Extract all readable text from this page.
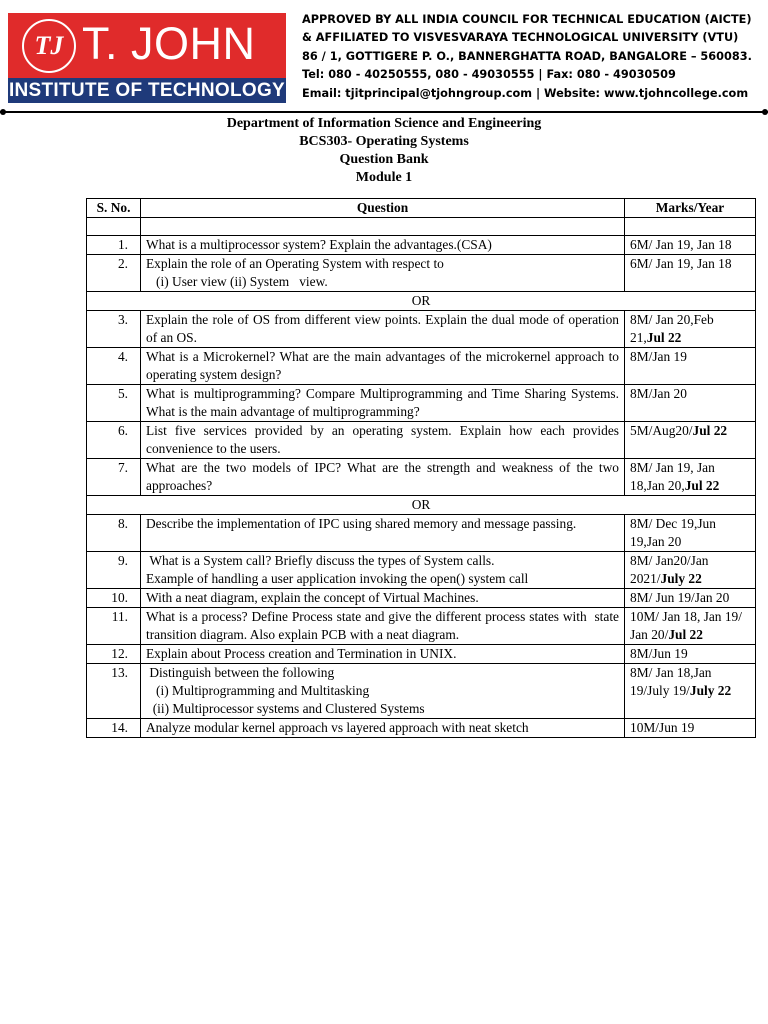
TJ T. JOHN
INSTITUTE OF TECHNOLOGY
APPROVED BY ALL INDIA COUNCIL FOR TECHNICAL EDUCATION (AICTE)
& AFFILIATED TO VISVESVARAYA TECHNOLOGICAL UNIVERSITY (VTU)
86 / 1, GOTTIGERE P. O., BANNERGHATTA ROAD, BANGALORE – 560083.
Tel: 080 - 40250555, 080 - 49030555 | Fax: 080 - 49030509
Email: tjitprincipal@tjohngroup.com | Website: www.tjohncollege.com
Department of Information Science and Engineering
BCS303- Operating Systems
Question Bank
Module 1
S. No.	Question	Marks/Year

1.	What is a multiprocessor system? Explain the advantages.(CSA)	6M/ Jan 19, Jan 18
2.	Explain the role of an Operating System with respect to
(i) User view (ii) System   view.	6M/ Jan 19, Jan 18
OR		
3.	Explain the role of OS from different view points. Explain the dual mode of operation of an OS.	8M/ Jan 20,Feb 21,Jul 22
4.	What is a Microkernel? What are the main advantages of the microkernel approach to operating system design?	8M/Jan 19
5.	What is multiprogramming? Compare Multiprogramming and Time Sharing Systems. What is the main advantage of multiprogramming?	8M/Jan 20
6.	List five services provided by an operating system. Explain how each provides convenience to the users.	5M/Aug20/Jul 22
7.	What are the two models of IPC? What are the strength and weakness of the two approaches?	8M/ Jan 19, Jan 18,Jan 20,Jul 22
OR		
8.	Describe the implementation of IPC using shared memory and message passing.	8M/ Dec 19,Jun 19,Jan 20
9.	What is a System call? Briefly discuss the types of System calls.
Example of handling a user application invoking the open() system call	8M/ Jan20/Jan 2021/July 22
10.	With a neat diagram, explain the concept of Virtual Machines.	8M/ Jun 19/Jan 20
11.	What is a process? Define Process state and give the different process states with  state transition diagram. Also explain PCB with a neat diagram.	10M/ Jan 18, Jan 19/ Jan 20/Jul 22
12.	Explain about Process creation and Termination in UNIX.	8M/Jun 19
13.	Distinguish between the following
(i) Multiprogramming and Multitasking
(ii) Multiprocessor systems and Clustered Systems	8M/ Jan 18,Jan 19/July 19/July 22
14.	Analyze modular kernel approach vs layered approach with neat sketch	10M/Jun 19
